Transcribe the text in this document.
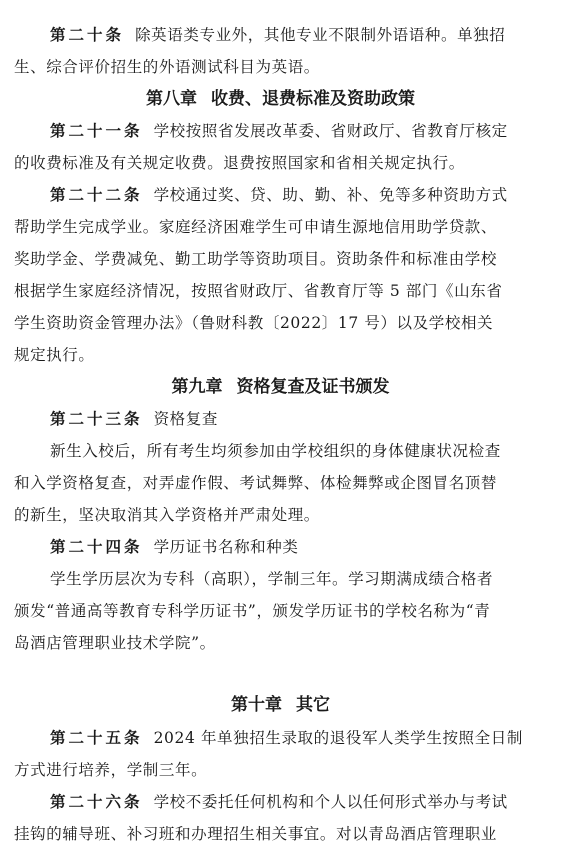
第二十条 除英语类专业外，其他专业不限制外语语种。单独招
生、综合评价招生的外语测试科目为英语。
第八章 收费、退费标准及资助政策
第二十一条 学校按照省发展改革委、省财政厅、省教育厅核定
的收费标准及有关规定收费。退费按照国家和省相关规定执行。
第二十二条 学校通过奖、贷、助、勤、补、免等多种资助方式
帮助学生完成学业。家庭经济困难学生可申请生源地信用助学贷款、
奖助学金、学费减免、勤工助学等资助项目。资助条件和标准由学校
根据学生家庭经济情况，按照省财政厅、省教育厅等 5 部门《山东省
学生资助资金管理办法》（鲁财科教〔2022〕17 号）以及学校相关
规定执行。
第九章 资格复查及证书颁发
第二十三条 资格复查
新生入校后，所有考生均须参加由学校组织的身体健康状况检查
和入学资格复查，对弄虚作假、考试舞弊、体检舞弊或企图冒名顶替
的新生，坚决取消其入学资格并严肃处理。
第二十四条 学历证书名称和种类
学生学历层次为专科（高职），学制三年。学习期满成绩合格者
颁发“普通高等教育专科学历证书”，颁发学历证书的学校名称为“青
岛酒店管理职业技术学院”。
第十章 其它
第二十五条 2024 年单独招生录取的退役军人类学生按照全日制
方式进行培养，学制三年。
第二十六条 学校不委托任何机构和个人以任何形式举办与考试
挂钩的辅导班、补习班和办理招生相关事宜。对以青岛酒店管理职业
